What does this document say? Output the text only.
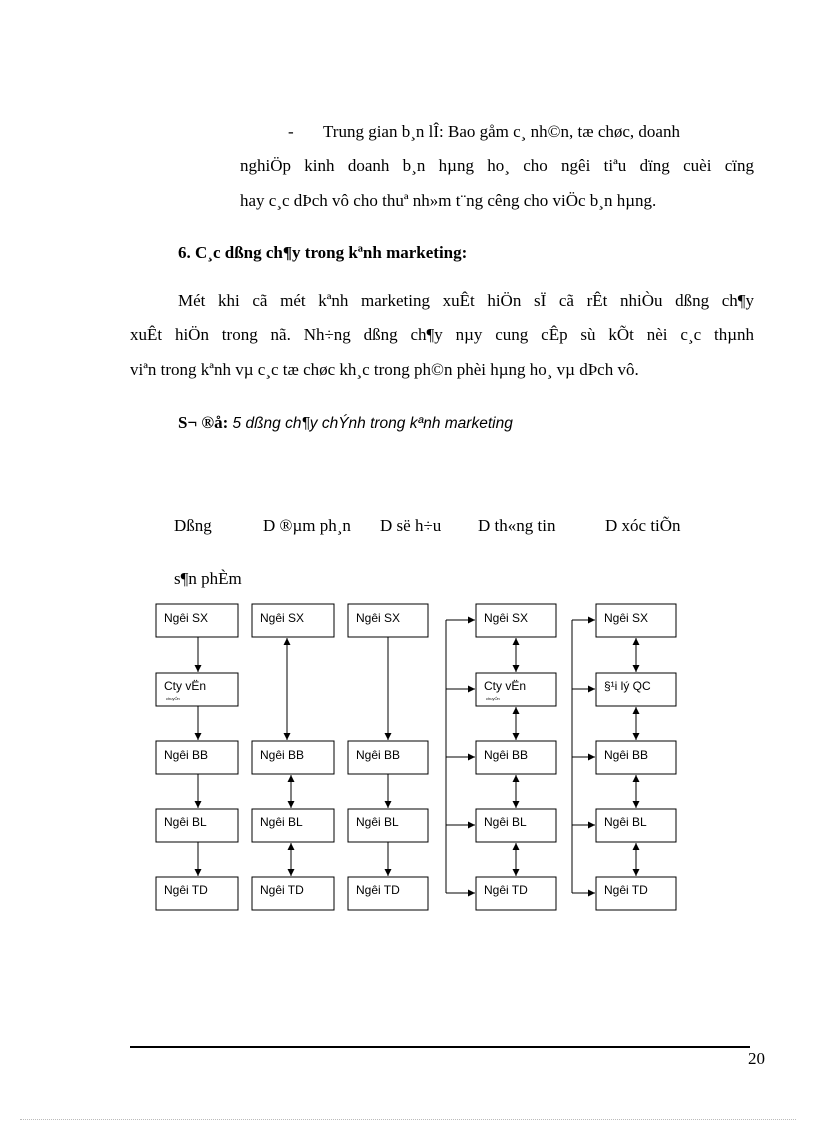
- Trung gian b¸n lÎ: Bao gåm c¸ nh©n, tæ chøc, doanh
nghiÖp kinh doanh b¸n hµng ho¸ cho ngêi tiªu dïng cuèi cïng
hay c¸c dÞch vô cho thuª nh»m t¨ng cêng cho viÖc b¸n hµng.
6. C¸c dßng ch¶y trong kªnh marketing:
Mét khi cã mét kªnh marketing xuÊt hiÖn sÏ cã rÊt nhiÒu dßng ch¶y
xuÊt hiÖn trong nã. Nh÷ng dßng ch¶y nµy cung cÊp sù kÕt nèi c¸c thµnh
viªn trong kªnh vµ c¸c tæ chøc kh¸c trong ph©n phèi hµng ho¸ vµ dÞch vô.
S¬ ®å: 5 dßng ch¶y chÝnh trong kªnh marketing
Dßng	D ®µm ph¸n D së h÷u D th«ng tin	D xóc tiÕn
s¶n phÈm
Ngêi SX
Cty vËn
chuyÓn
Ngêi BB
Ngêi BL
Ngêi TD
Ngêi SX
Ngêi BB
Ngêi BL
Ngêi TD
Ngêi SX
Ngêi BB
Ngêi BL
Ngêi TD
Ngêi SX
Cty vËn
chuyÓn
Ngêi BB
Ngêi BL
Ngêi TD
Ngêi SX
§¹i lý QC
Ngêi BB
Ngêi BL
Ngêi TD
20
